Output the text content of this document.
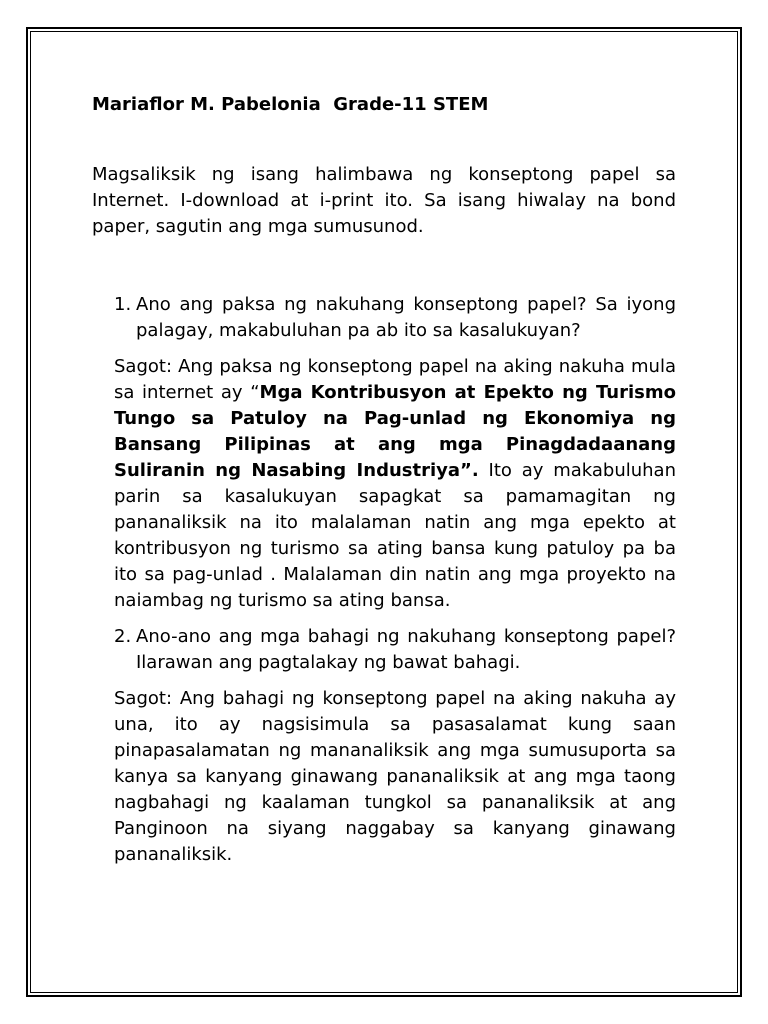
Mariaflor M. Pabelonia  Grade-11 STEM

Magsaliksik ng isang halimbawa ng konseptong papel sa Internet. I-download at i-print ito. Sa isang hiwalay na bond paper, sagutin ang mga sumusunod.

1. Ano ang paksa ng nakuhang konseptong papel? Sa iyong palagay, makabuluhan pa ab ito sa kasalukuyan?

Sagot: Ang paksa ng konseptong papel na aking nakuha mula sa internet ay “Mga Kontribusyon at Epekto ng Turismo Tungo sa Patuloy na Pag-unlad ng Ekonomiya ng Bansang Pilipinas at ang mga Pinagdadaanang Suliranin ng Nasabing Industriya”. Ito ay makabuluhan parin sa kasalukuyan sapagkat sa pamamagitan ng pananaliksik na ito malalaman natin ang mga epekto at kontribusyon ng turismo sa ating bansa kung patuloy pa ba ito sa pag-unlad . Malalaman din natin ang mga proyekto na naiambag ng turismo sa ating bansa.

2. Ano-ano ang mga bahagi ng nakuhang konseptong papel? Ilarawan ang pagtalakay ng bawat bahagi.

Sagot: Ang bahagi ng konseptong papel na aking nakuha ay una, ito ay nagsisimula sa pasasalamat kung saan pinapasalamatan ng mananaliksik ang mga sumusuporta sa kanya sa kanyang ginawang pananaliksik at ang mga taong nagbahagi ng kaalaman tungkol sa pananaliksik at ang Panginoon na siyang naggabay sa kanyang ginawang pananaliksik.
